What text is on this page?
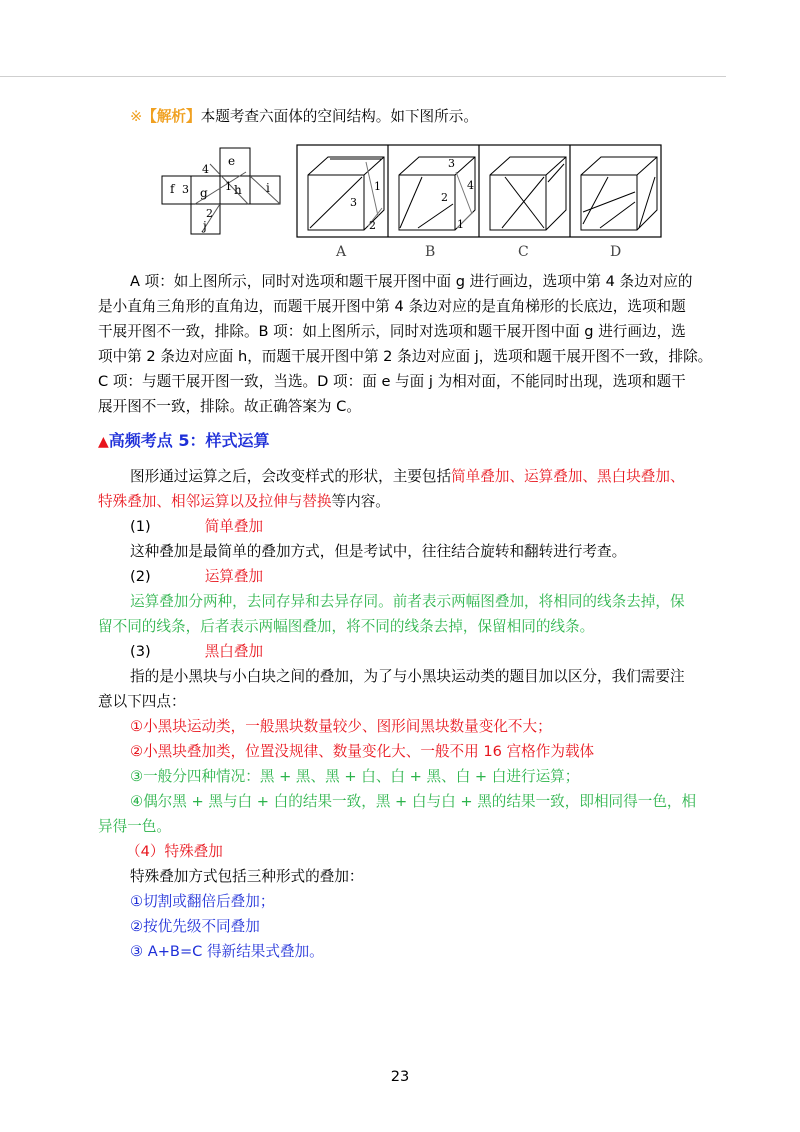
※【解析】本题考查六面体的空间结构。如下图所示。
e
f 3 g
4
1 h i
2
j
1
3
2
3
4
2
1
A	B	C	D
A 项：如上图所示，同时对选项和题干展开图中面 g 进行画边，选项中第 4 条边对应的
是小直角三角形的直角边，而题干展开图中第 4 条边对应的是直角梯形的长底边，选项和题
干展开图不一致，排除。B 项：如上图所示，同时对选项和题干展开图中面 g 进行画边，选
项中第 2 条边对应面 h，而题干展开图中第 2 条边对应面 j，选项和题干展开图不一致，排除。
C 项：与题干展开图一致，当选。D 项：面 e 与面 j 为相对面，不能同时出现，选项和题干
展开图不一致，排除。故正确答案为 C。
▲高频考点 5：样式运算
图形通过运算之后，会改变样式的形状，主要包括简单叠加、运算叠加、黑白块叠加、
特殊叠加、相邻运算以及拉伸与替换等内容。
(1)	简单叠加
这种叠加是最简单的叠加方式，但是考试中，往往结合旋转和翻转进行考查。
(2)	运算叠加
运算叠加分两种，去同存异和去异存同。前者表示两幅图叠加，将相同的线条去掉，保
留不同的线条，后者表示两幅图叠加，将不同的线条去掉，保留相同的线条。
(3)	黑白叠加
指的是小黑块与小白块之间的叠加，为了与小黑块运动类的题目加以区分，我们需要注
意以下四点：
①小黑块运动类，一般黑块数量较少、图形间黑块数量变化不大；
②小黑块叠加类，位置没规律、数量变化大、一般不用 16 宫格作为载体
③一般分四种情况：黑 + 黑、黑 + 白、白 + 黑、白 + 白进行运算；
④偶尔黑 + 黑与白 + 白的结果一致，黑 + 白与白 + 黑的结果一致，即相同得一色，相
异得一色。
（4）特殊叠加
特殊叠加方式包括三种形式的叠加：
①切割或翻倍后叠加；
②按优先级不同叠加
③ A+B=C 得新结果式叠加。
23
